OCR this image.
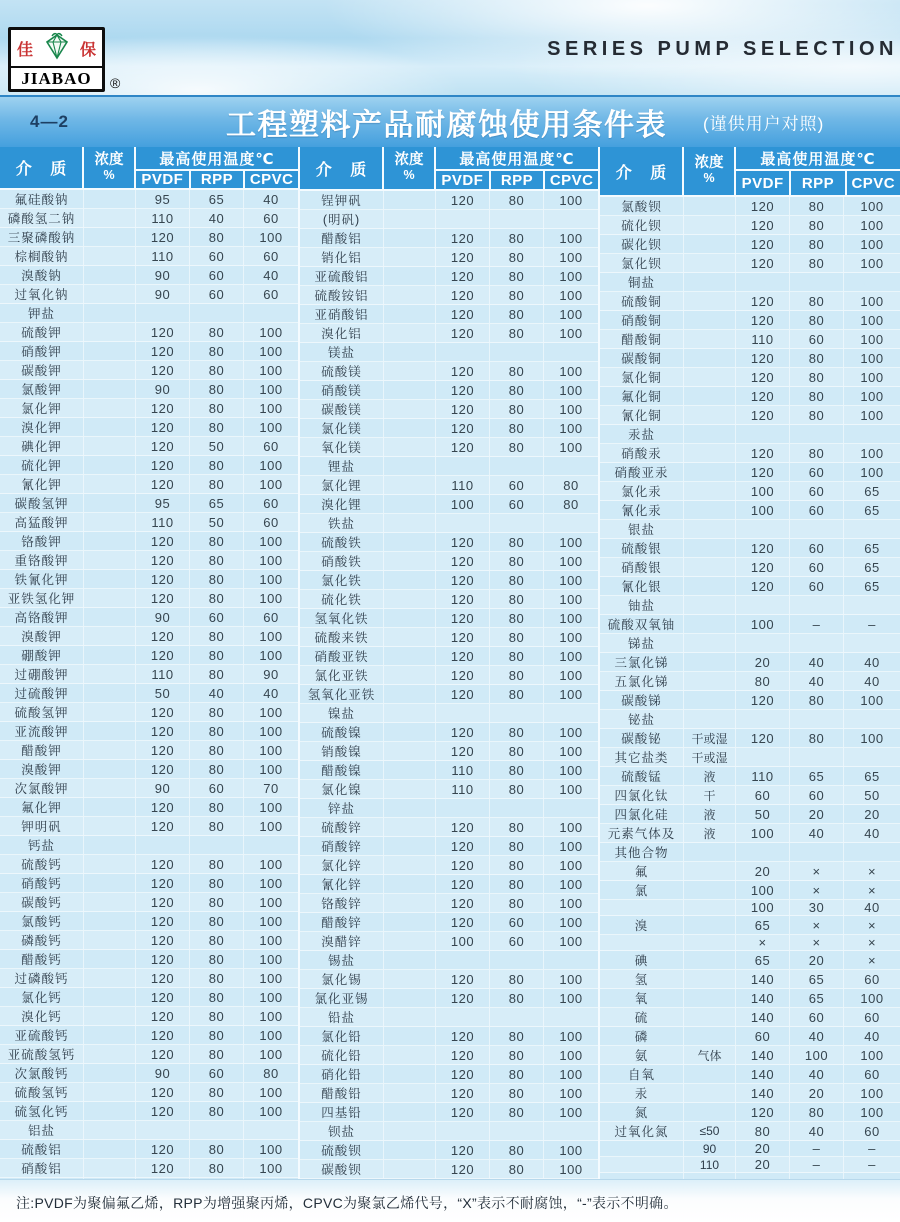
佳	保
JIABAO	®
SERIES PUMP SELECTION
4—2	工程塑料产品耐腐蚀使用条件表 (谨供用户对照)
介 质
浓度
%
最高使用温度℃
PVDF	RPP	CPVC
氟硅酸钠	95	65	40
磷酸氢二钠	110	40	60
三聚磷酸钠	120	80	100
棕榈酸钠	110	60	60
溴酸钠	90	60	40
过氧化钠	90	60	60
钾盐
硫酸钾	120	80	100
硝酸钾	120	80	100
碳酸钾	120	80	100
氯酸钾	90	80	100
氯化钾	120	80	100
溴化钾	120	80	100
碘化钾	120	50	60
硫化钾	120	80	100
氰化钾	120	80	100
碳酸氢钾	95	65	60
高猛酸钾	110	50	60
铬酸钾	120	80	100
重铬酸钾	120	80	100
铁氰化钾	120	80	100
亚铁氢化钾	120	80	100
高铬酸钾	90	60	60
溴酸钾	120	80	100
硼酸钾	120	80	100
过硼酸钾	110	80	90
过硫酸钾	50	40	40
硫酸氢钾	120	80	100
亚流酸钾	120	80	100
醋酸钾	120	80	100
溴酸钾	120	80	100
次氯酸钾	90	60	70
氟化钾	120	80	100
钾明矾	120	80	100
钙盐
硫酸钙	120	80	100
硝酸钙	120	80	100
碳酸钙	120	80	100
氯酸钙	120	80	100
磷酸钙	120	80	100
醋酸钙	120	80	100
过磷酸钙	120	80	100
氯化钙	120	80	100
溴化钙	120	80	100
亚硫酸钙	120	80	100
亚硫酸氢钙	120	80	100
次氯酸钙	90	60	80
硫酸氢钙	120	80	100
硫氢化钙	120	80	100
铝盐
硫酸铝	120	80	100
硝酸铝	120	80	100
介 质
浓度
%
最高使用温度℃
PVDF	RPP	CPVC
锃钾矾	120	80	100
(明矾)
醋酸铝	120	80	100
销化铝	120	80	100
亚硫酸铝	120	80	100
硫酸铵铝	120	80	100
亚硝酸铝	120	80	100
溴化铝	120	80	100
镁盐
硫酸镁	120	80	100
硝酸镁	120	80	100
碳酸镁	120	80	100
氯化镁	120	80	100
氧化镁	120	80	100
锂盐
氯化锂	110	60	80
溴化锂	100	60	80
铁盐
硫酸铁	120	80	100
硝酸铁	120	80	100
氯化铁	120	80	100
硫化铁	120	80	100
氢氧化铁	120	80	100
硫酸来铁	120	80	100
硝酸亚铁	120	80	100
氯化亚铁	120	80	100
氢氧化亚铁	120	80	100
镍盐
硫酸镍	120	80	100
销酸镍	120	80	100
醋酸镍	110	80	100
氯化镍	110	80	100
锌盐
硫酸锌	120	80	100
硝酸锌	120	80	100
氯化锌	120	80	100
氰化锌	120	80	100
铬酸锌	120	80	100
醋酸锌	120	60	100
溴醋锌	100	60	100
锡盐
氯化锡	120	80	100
氯化亚锡	120	80	100
铅盐
氯化铅	120	80	100
硫化铅	120	80	100
硝化铅	120	80	100
醋酸铅	120	80	100
四基铅	120	80	100
钡盐
硫酸钡	120	80	100
碳酸钡	120	80	100
介 质
浓度
%
最高使用温度℃
PVDF	RPP	CPVC
氯酸钡	120	80	100
硫化钡	120	80	100
碳化钡	120	80	100
氯化钡	120	80	100
铜盐
硫酸铜	120	80	100
硝酸铜	120	80	100
醋酸铜	110	60	100
碳酸铜	120	80	100
氯化铜	120	80	100
氟化铜	120	80	100
氰化铜	120	80	100
汞盐
硝酸汞	120	80	100
硝酸亚汞	120	60	100
氯化汞	100	60	65
氰化汞	100	60	65
银盐
硫酸银	120	60	65
硝酸银	120	60	65
氰化银	120	60	65
铀盐
硫酸双氧铀	100	–	–
锑盐
三氯化锑	20	40	40
五氯化锑	80	40	40
碳酸锑	120	80	100
铋盐
碳酸铋	干或湿	120	80	100
其它盐类	干或湿
硫酸锰	液	110	65	65
四氯化钛	干	60	60	50
四氯化硅	液	50	20	20
元素气体及	液	100	40	40
其他合物
氟	20	×	×
氯	100	×	×
100	30	40
溴	65	×	×
×	×	×
碘	65	20	×
氢	140	65	60
氧	140	65	100
硫	140	60	60
磷	60	40	40
氨	气体	140	100	100
自氧	140	40	60
汞	140	20	100
氮	120	80	100
过氧化氮	≤50	80	40	60
90	20	–	–
110	20	–	–
注:PVDF为聚偏氟乙烯，RPP为增强聚丙烯，CPVC为聚氯乙烯代号，“X”表示不耐腐蚀，“-”表示不明确。
